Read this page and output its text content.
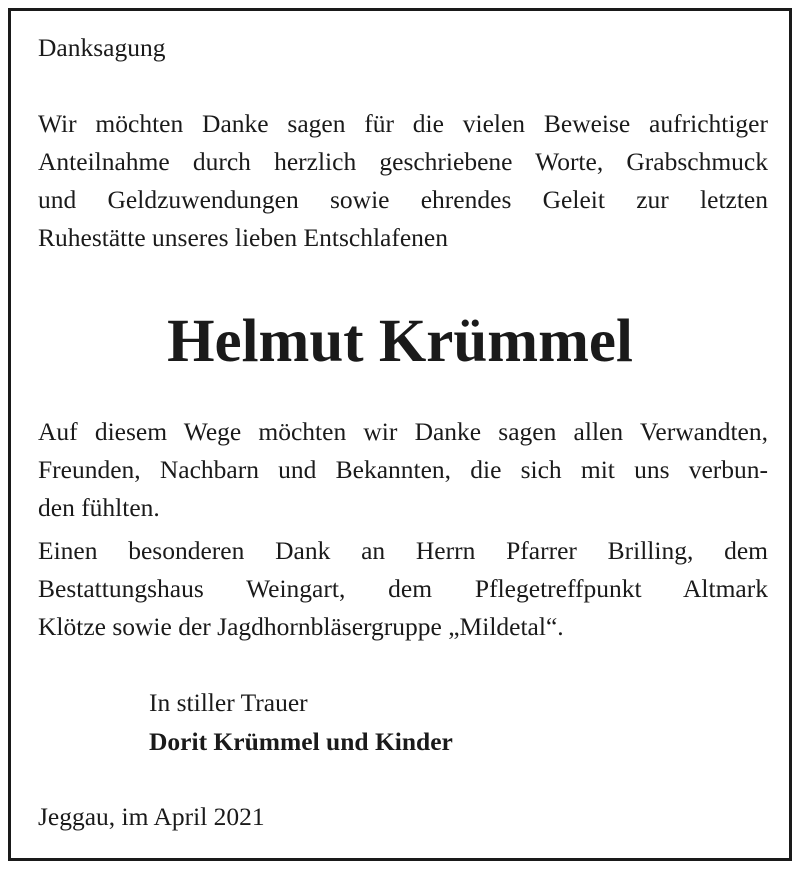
Danksagung
Wir möchten Danke sagen für die vielen Beweise aufrichtiger
Anteilnahme durch herzlich geschriebene Worte, Grabschmuck
und Geldzuwendungen sowie ehrendes Geleit zur letzten
Ruhestätte unseres lieben Entschlafenen
Helmut Krümmel
Auf diesem Wege möchten wir Danke sagen allen Verwandten,
Freunden, Nachbarn und Bekannten, die sich mit uns verbun-
den fühlten.
Einen besonderen Dank an Herrn Pfarrer Brilling, dem
Bestattungshaus Weingart, dem Pflegetreffpunkt Altmark
Klötze sowie der Jagdhornbläsergruppe „Mildetal“.
In stiller Trauer
Dorit Krümmel und Kinder
Jeggau, im April 2021
